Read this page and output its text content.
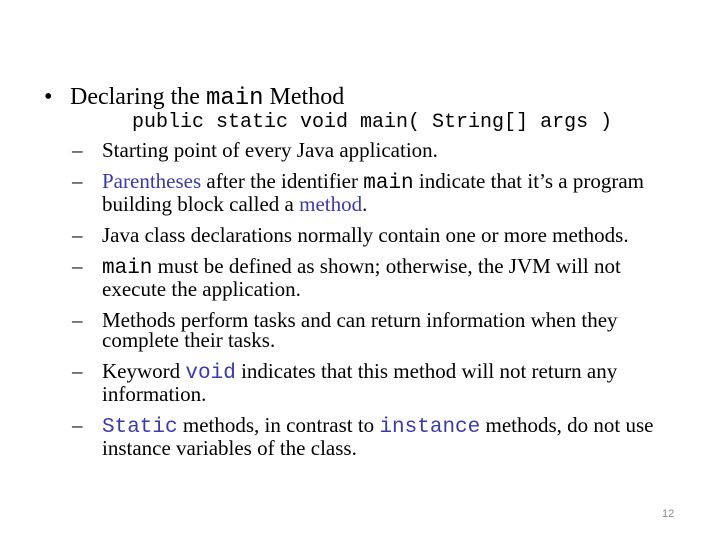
• Declaring the main Method
public static void main( String[] args )
– Starting point of every Java application.
– Parentheses after the identifier main indicate that it’s a program building block called a method.
– Java class declarations normally contain one or more methods.
– main must be defined as shown; otherwise, the JVM will not execute the application.
– Methods perform tasks and can return information when they complete their tasks.
– Keyword void indicates that this method will not return any information.
– Static methods, in contrast to instance methods, do not use instance variables of the class.
12
